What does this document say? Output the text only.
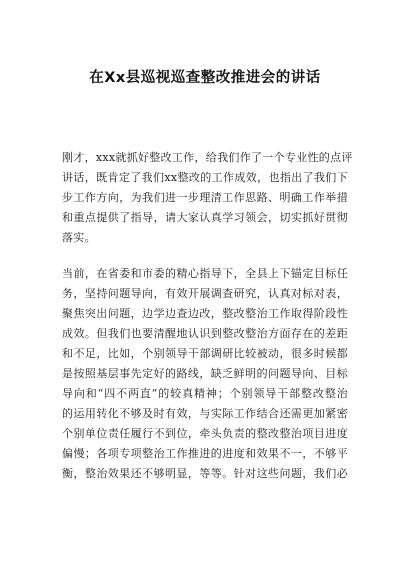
在Xx县巡视巡查整改推进会的讲话

刚才，xxx就抓好整改工作，给我们作了一个专业性的点评
讲话，既肯定了我们xx整改的工作成效，也指出了我们下
步工作方向，为我们进一步理清工作思路、明确工作举措
和重点提供了指导，请大家认真学习领会，切实抓好贯彻
落实。

当前，在省委和市委的精心指导下，全县上下锚定目标任
务，坚持问题导向，有效开展调查研究，认真对标对表，
聚焦突出问题，边学边查边改，整改整治工作取得阶段性
成效。但我们也要清醒地认识到整改整治方面存在的差距
和不足，比如，个别领导干部调研比较被动，很多时候都
是按照基层事先定好的路线，缺乏鲜明的问题导向、目标
导向和“四不两直”的较真精神；个别领导干部整改整治
的运用转化不够及时有效，与实际工作结合还需更加紧密
个别单位责任履行不到位，牵头负责的整改整治项目进度
偏慢；各项专项整治工作推进的进度和效果不一，不够平
衡，整治效果还不够明显，等等。针对这些问题，我们必
